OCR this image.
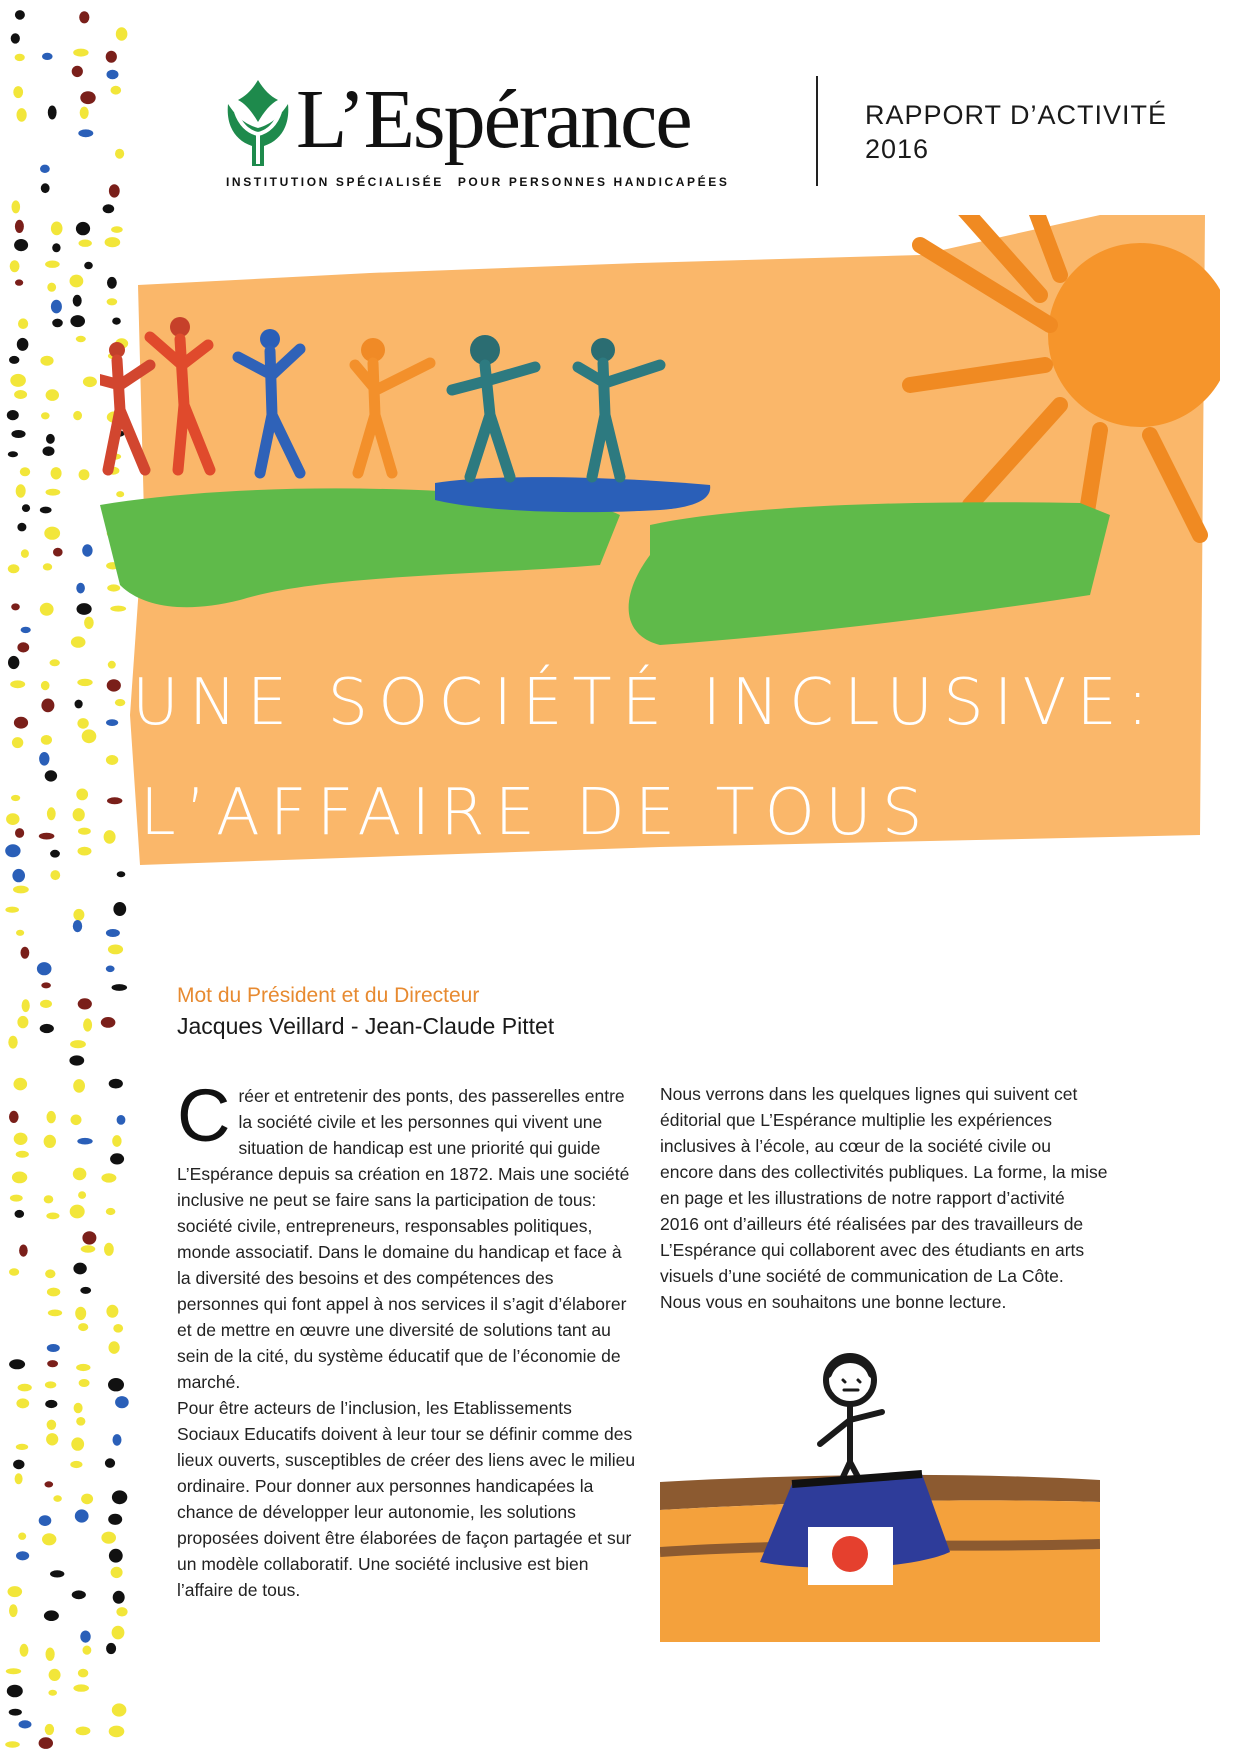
L’Espérance
INSTITUTION SPÉCIALISÉE POUR PERSONNES HANDICAPÉES
RAPPORT D’ACTIVITÉ
2016
UNE SOCIÉTÉ INCLUSIVE:
L’AFFAIRE DE TOUS
Mot du Président et du Directeur
Jacques Veillard - Jean-Claude Pittet

Créer et entretenir des ponts, des passerelles entre la société civile et les personnes qui vivent une situation de handicap est une priorité qui guide L’Espérance depuis sa création en 1872. Mais une société inclusive ne peut se faire sans la participation de tous: société civile, entrepreneurs, responsables politiques, monde associatif. Dans le domaine du handicap et face à la diversité des besoins et des compétences des personnes qui font appel à nos services il s’agit d’élaborer et de mettre en œuvre une diversité de solutions tant au sein de la cité, du système éducatif que de l’économie de marché.

Pour être acteurs de l’inclusion, les Etablissements Sociaux Educatifs doivent à leur tour se définir comme des lieux ouverts, susceptibles de créer des liens avec le milieu ordinaire. Pour donner aux personnes handicapées la chance de développer leur autonomie, les solutions proposées doivent être élaborées de façon partagée et sur un modèle collaboratif. Une société inclusive est bien l’affaire de tous.

Nous verrons dans les quelques lignes qui suivent cet éditorial que L’Espérance multiplie les expériences inclusives à l’école, au cœur de la société civile ou encore dans des collectivités publiques. La forme, la mise en page et les illustrations de notre rapport d’activité 2016 ont d’ailleurs été réalisées par des travailleurs de L’Espérance qui collaborent avec des étudiants en arts visuels d’une société de communication de La Côte. Nous vous en souhaitons une bonne lecture.
